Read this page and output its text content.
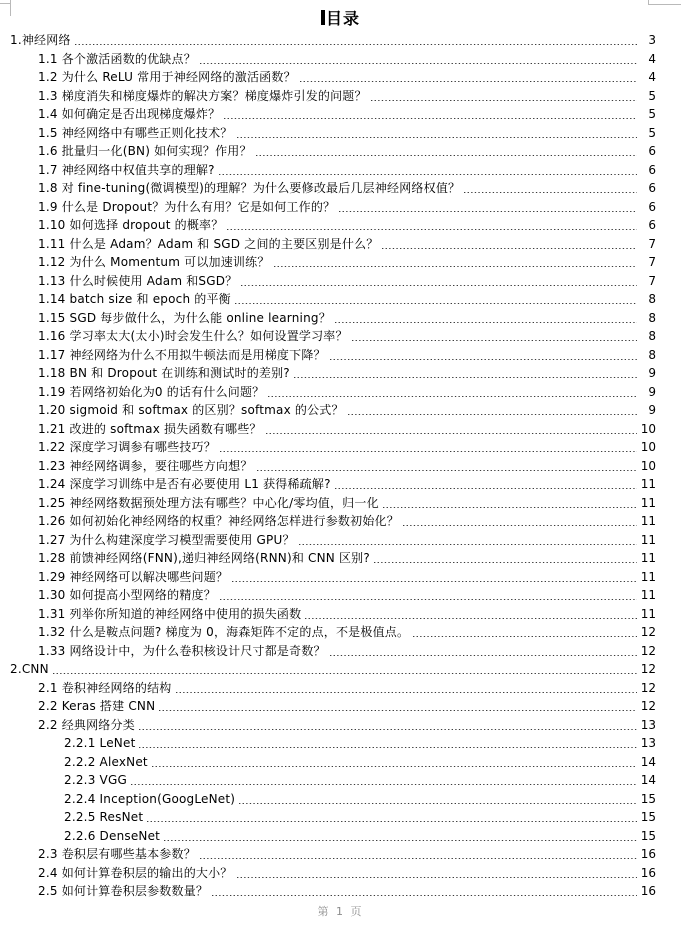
目录
1.神经网络	3
1.1 各个激活函数的优缺点？	4
1.2 为什么 ReLU 常用于神经网络的激活函数？	4
1.3 梯度消失和梯度爆炸的解决方案？梯度爆炸引发的问题？	5
1.4 如何确定是否出现梯度爆炸？	5
1.5 神经网络中有哪些正则化技术？	5
1.6 批量归一化(BN) 如何实现？作用？	6
1.7 神经网络中权值共享的理解?	6
1.8 对 fine-tuning(微调模型)的理解？为什么要修改最后几层神经网络权值？	6
1.9 什么是 Dropout？为什么有用？它是如何工作的？	6
1.10 如何选择 dropout 的概率？	6
1.11 什么是 Adam？Adam 和 SGD 之间的主要区别是什么？	7
1.12 为什么 Momentum 可以加速训练？	7
1.13 什么时候使用 Adam 和SGD？	7
1.14 batch size 和 epoch 的平衡	8
1.15 SGD 每步做什么，为什么能 online learning？	8
1.16 学习率太大(太小)时会发生什么？如何设置学习率？	8
1.17 神经网络为什么不用拟牛顿法而是用梯度下降？	8
1.18 BN 和 Dropout 在训练和测试时的差别?	9
1.19 若网络初始化为0 的话有什么问题？	9
1.20 sigmoid 和 softmax 的区别？softmax 的公式？	9
1.21 改进的 softmax 损失函数有哪些？	10
1.22 深度学习调参有哪些技巧？	10
1.23 神经网络调参，要往哪些方向想？	10
1.24 深度学习训练中是否有必要使用 L1 获得稀疏解?	11
1.25 神经网络数据预处理方法有哪些？中心化/零均值，归一化	11
1.26 如何初始化神经网络的权重？神经网络怎样进行参数初始化？	11
1.27 为什么构建深度学习模型需要使用 GPU？	11
1.28 前馈神经网络(FNN),递归神经网络(RNN)和 CNN 区别?	11
1.29 神经网络可以解决哪些问题？	11
1.30 如何提高小型网络的精度？	11
1.31 列举你所知道的神经网络中使用的损失函数	11
1.32 什么是鞍点问题? 梯度为 0，海森矩阵不定的点，不是极值点。	12
1.33 网络设计中，为什么卷积核设计尺寸都是奇数？	12
2.CNN	12
2.1 卷积神经网络的结构	12
2.2 Keras 搭建 CNN	12
2.2 经典网络分类	13
2.2.1 LeNet	13
2.2.2 AlexNet	14
2.2.3 VGG	14
2.2.4 Inception(GoogLeNet)	15
2.2.5 ResNet	15
2.2.6 DenseNet	15
2.3 卷积层有哪些基本参数？	16
2.4 如何计算卷积层的输出的大小？	16
2.5 如何计算卷积层参数数量？	16
第 1 页
